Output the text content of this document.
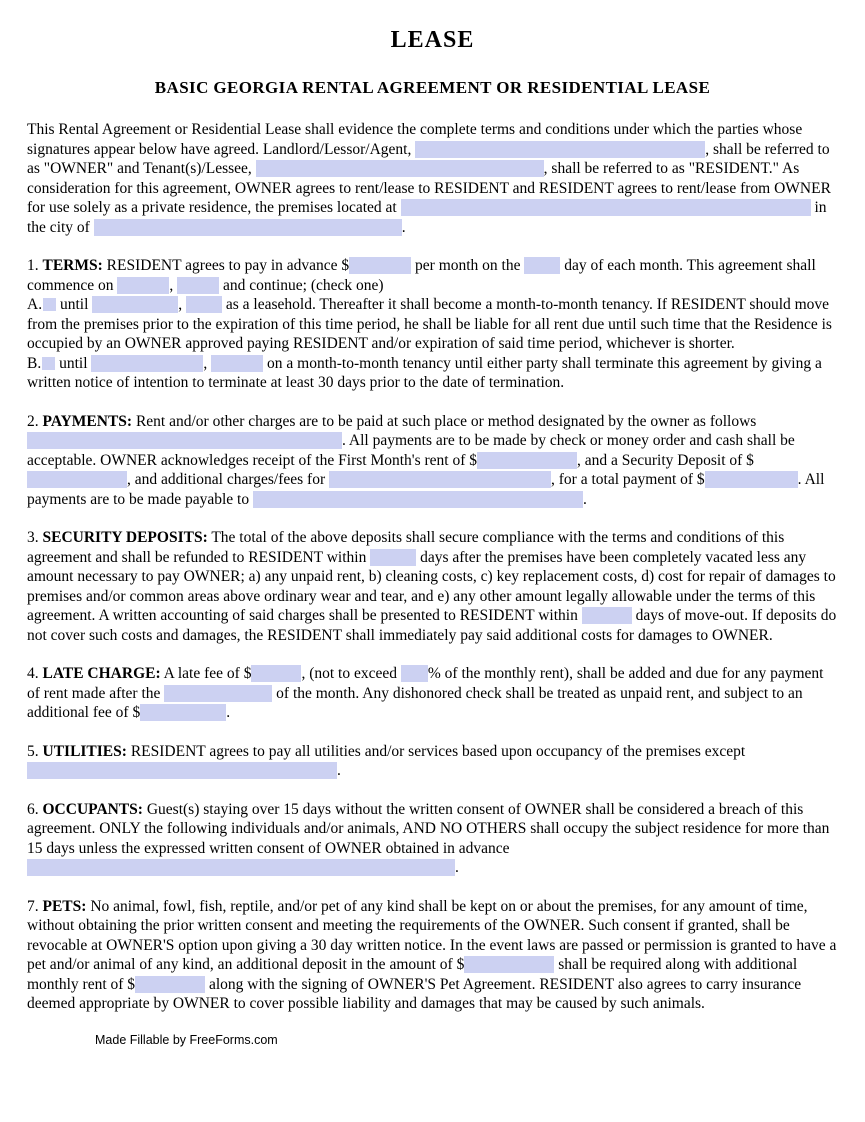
LEASE
BASIC GEORGIA RENTAL AGREEMENT OR RESIDENTIAL LEASE

This Rental Agreement or Residential Lease shall evidence the complete terms and conditions under which the parties whose signatures appear below have agreed. Landlord/Lessor/Agent,	, shall be referred to as "OWNER" and Tenant(s)/Lessee,	, shall be referred to as "RESIDENT." As consideration for this agreement, OWNER agrees to rent/lease to RESIDENT and RESIDENT agrees to rent/lease from OWNER for use solely as a private residence, the premises located at	in the city of	.

1. TERMS: RESIDENT agrees to pay in advance $	per month on the  day of each month. This agreement shall commence on	,	and continue; (check one)
A. until	,  as a leasehold. Thereafter it shall become a month-to-month tenancy. If RESIDENT should move from the premises prior to the expiration of this time period, he shall be liable for all rent due until such time that the Residence is occupied by an OWNER approved paying RESIDENT and/or expiration of said time period, whichever is shorter.
B. until	,	on a month-to-month tenancy until either party shall terminate this agreement by giving a written notice of intention to terminate at least 30 days prior to the date of termination.

2. PAYMENTS: Rent and/or other charges are to be paid at such place or method designated by the owner as follows . All payments are to be made by check or money order and cash shall be acceptable. OWNER acknowledges receipt of the First Month's rent of $	, and a Security Deposit of $, and additional charges/fees for	, for a total payment of $	. All payments are to be made payable to	.

3. SECURITY DEPOSITS: The total of the above deposits shall secure compliance with the terms and conditions of this agreement and shall be refunded to RESIDENT within	days after the premises have been completely vacated less any amount necessary to pay OWNER; a) any unpaid rent, b) cleaning costs, c) key replacement costs, d) cost for repair of damages to premises and/or common areas above ordinary wear and tear, and e) any other amount legally allowable under the terms of this agreement. A written accounting of said charges shall be presented to RESIDENT within	days of move-out. If deposits do not cover such costs and damages, the RESIDENT shall immediately pay said additional costs for damages to OWNER.

4. LATE CHARGE: A late fee of $	, (not to exceed % of the monthly rent), shall be added and due for any payment of rent made after the	of the month. Any dishonored check shall be treated as unpaid rent, and subject to an additional fee of $	.

5. UTILITIES: RESIDENT agrees to pay all utilities and/or services based upon occupancy of the premises except .

6. OCCUPANTS: Guest(s) staying over 15 days without the written consent of OWNER shall be considered a breach of this agreement. ONLY the following individuals and/or animals, AND NO OTHERS shall occupy the subject residence for more than 15 days unless the expressed written consent of OWNER obtained in advance .

7. PETS: No animal, fowl, fish, reptile, and/or pet of any kind shall be kept on or about the premises, for any amount of time, without obtaining the prior written consent and meeting the requirements of the OWNER. Such consent if granted, shall be revocable at OWNER'S option upon giving a 30 day written notice. In the event laws are passed or permission is granted to have a pet and/or animal of any kind, an additional deposit in the amount of $	shall be required along with additional monthly rent of $	along with the signing of OWNER'S Pet Agreement. RESIDENT also agrees to carry insurance deemed appropriate by OWNER to cover possible liability and damages that may be caused by such animals.

Made Fillable by FreeForms.com
